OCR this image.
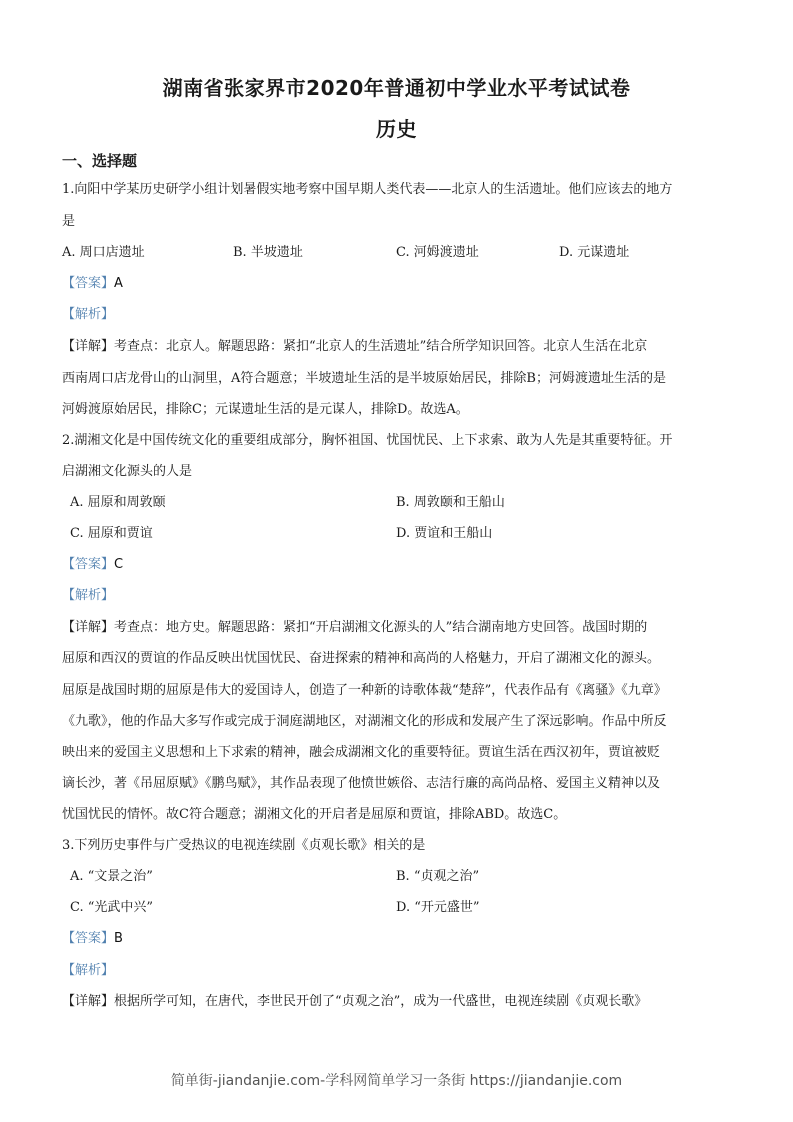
湖南省张家界市2020年普通初中学业水平考试试卷
历史
一、选择题
1.向阳中学某历史研学小组计划暑假实地考察中国早期人类代表——北京人的生活遗址。他们应该去的地方
是
A. 周口店遗址	B. 半坡遗址	C. 河姆渡遗址	D. 元谋遗址
【答案】A
【解析】
【详解】考查点：北京人。解题思路：紧扣“北京人的生活遗址”结合所学知识回答。北京人生活在北京
西南周口店龙骨山的山洞里，A符合题意；半坡遗址生活的是半坡原始居民，排除B；河姆渡遗址生活的是
河姆渡原始居民，排除C；元谋遗址生活的是元谋人，排除D。故选A。
2.湖湘文化是中国传统文化的重要组成部分，胸怀祖国、忧国忧民、上下求索、敢为人先是其重要特征。开
启湖湘文化源头的人是
A. 屈原和周敦颐	B. 周敦颐和王船山
C. 屈原和贾谊	D. 贾谊和王船山
【答案】C
【解析】
【详解】考查点：地方史。解题思路：紧扣“开启湖湘文化源头的人”结合湖南地方史回答。战国时期的
屈原和西汉的贾谊的作品反映出忧国忧民、奋进探索的精神和高尚的人格魅力，开启了湖湘文化的源头。
屈原是战国时期的屈原是伟大的爱国诗人，创造了一种新的诗歌体裁“楚辞”，代表作品有《离骚》《九章》
《九歌》，他的作品大多写作或完成于洞庭湖地区，对湖湘文化的形成和发展产生了深远影响。作品中所反
映出来的爱国主义思想和上下求索的精神，融会成湖湘文化的重要特征。贾谊生活在西汉初年，贾谊被贬
谪长沙，著《吊屈原赋》《鹏鸟赋》，其作品表现了他愤世嫉俗、志洁行廉的高尚品格、爱国主义精神以及
忧国忧民的情怀。故C符合题意；湖湘文化的开启者是屈原和贾谊，排除ABD。故选C。
3.下列历史事件与广受热议的电视连续剧《贞观长歌》相关的是
A. “文景之治”	B. “贞观之治”
C. “光武中兴”	D. “开元盛世”
【答案】B
【解析】
【详解】根据所学可知，在唐代，李世民开创了“贞观之治”，成为一代盛世，电视连续剧《贞观长歌》
简单街-jiandanjie.com-学科网简单学习一条街 https://jiandanjie.com
